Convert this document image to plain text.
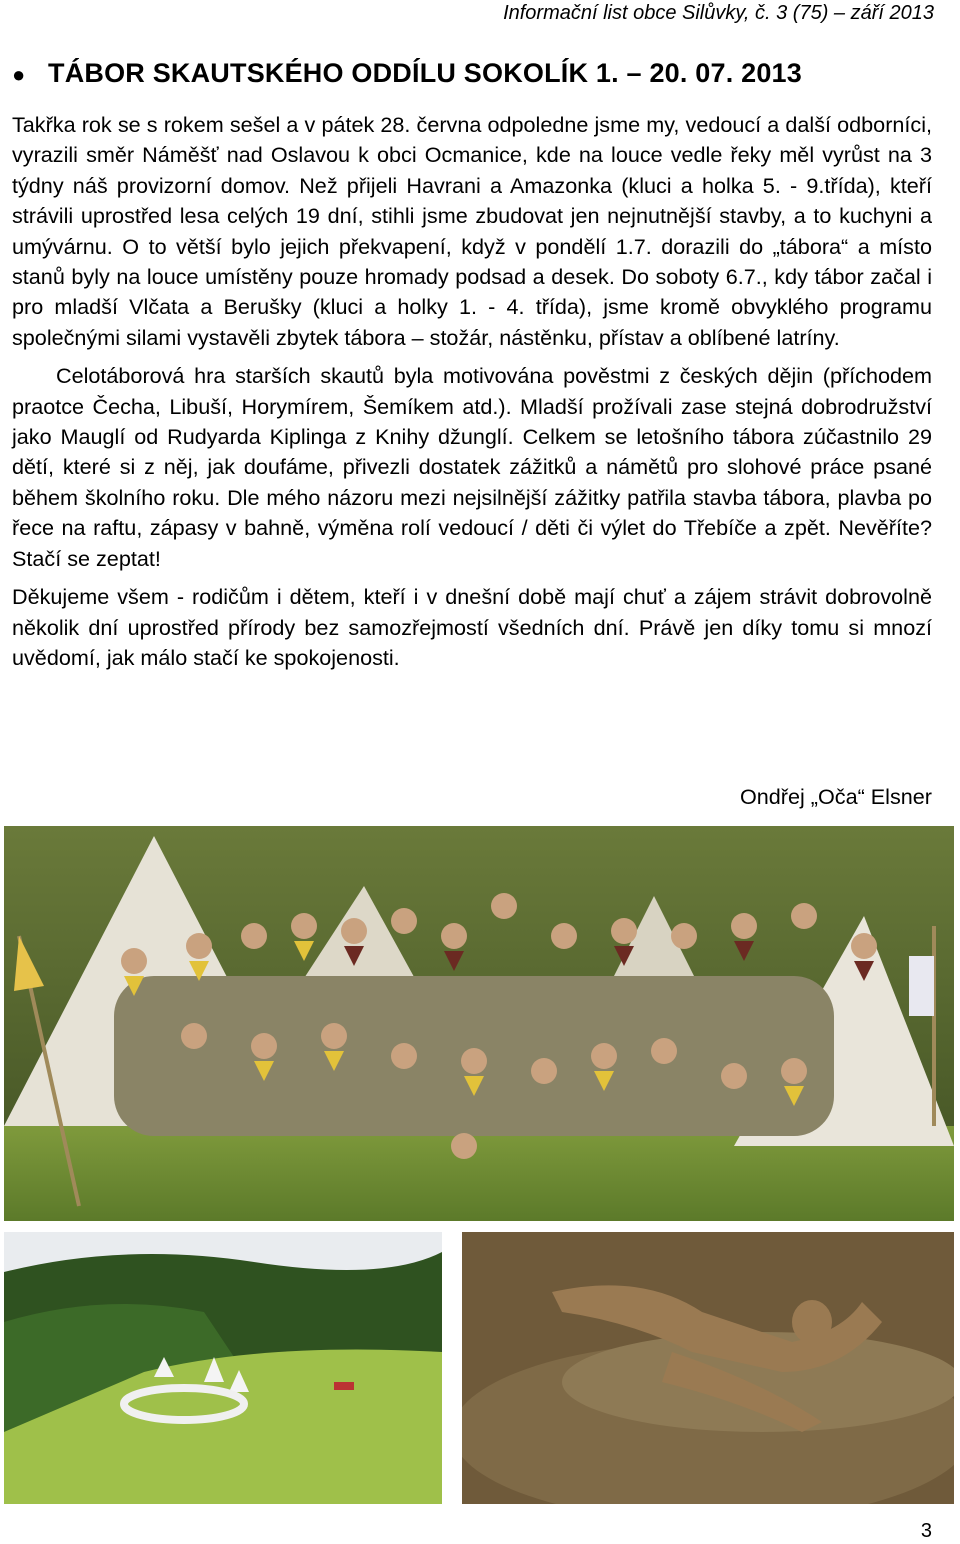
Informační list obce Silůvky, č. 3 (75) – září 2013
● TÁBOR SKAUTSKÉHO ODDÍLU SOKOLÍK 1. – 20. 07. 2013

Takřka rok se s rokem sešel a v pátek 28. června odpoledne jsme my, vedoucí a další odborníci, vyrazili směr Náměšť nad Oslavou k obci Ocmanice, kde na louce vedle řeky měl vyrůst na 3 týdny náš provizorní domov. Než přijeli Havrani a Amazonka (kluci a holka 5. - 9.třída), kteří strávili uprostřed lesa celých 19 dní, stihli jsme zbudovat jen nejnutnější stavby, a to kuchyni a umývárnu. O to větší bylo jejich překvapení, když v pondělí 1.7. dorazili do „tábora“ a místo stanů byly na louce umístěny pouze hromady podsad a desek. Do soboty 6.7., kdy tábor začal i pro mladší Vlčata a Berušky (kluci a holky 1. - 4. třída), jsme kromě obvyklého programu společnými silami vystavěli zbytek tábora – stožár, nástěnku, přístav a oblíbené latríny.

Celotáborová hra starších skautů byla motivována pověstmi z českých dějin (příchodem praotce Čecha, Libuší, Horymírem, Šemíkem atd.). Mladší prožívali zase stejná dobrodružství jako Mauglí od Rudyarda Kiplinga z Knihy džunglí. Celkem se letošního tábora zúčastnilo 29 dětí, které si z něj, jak doufáme, přivezli dostatek zážitků a námětů pro slohové práce psané během školního roku. Dle mého názoru mezi nejsilnější zážitky patřila stavba tábora, plavba po řece na raftu, zápasy v bahně, výměna rolí vedoucí / děti či výlet do Třebíče a zpět. Nevěříte? Stačí se zeptat!

Děkujeme všem - rodičům i dětem, kteří i v dnešní době mají chuť a zájem strávit dobrovolně několik dní uprostřed přírody bez samozřejmostí všedních dní. Právě jen díky tomu si mnozí uvědomí, jak málo stačí ke spokojenosti.

Ondřej „Oča“ Elsner
3
